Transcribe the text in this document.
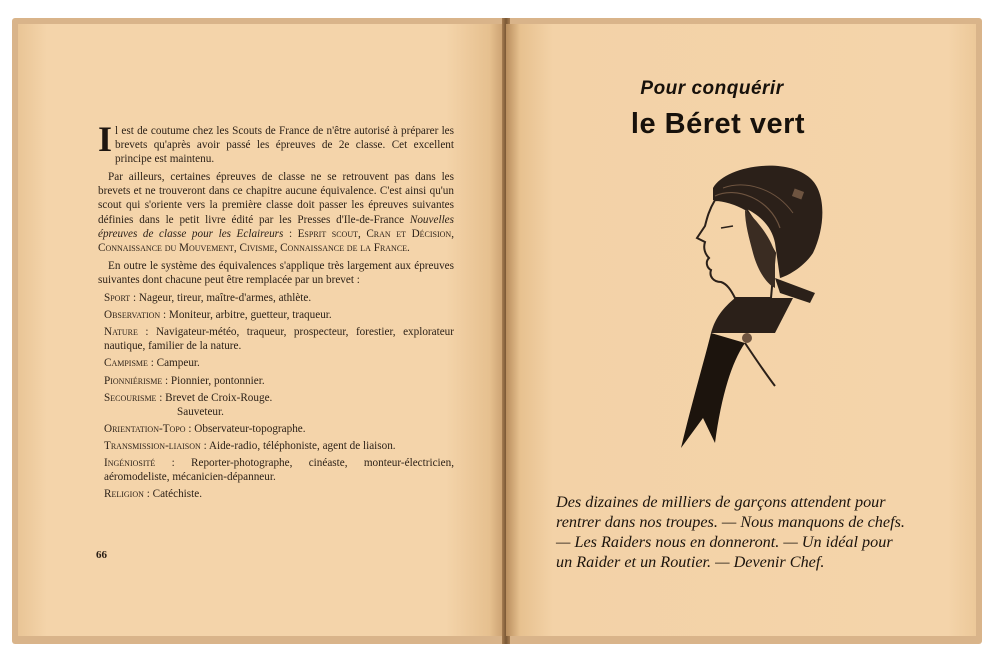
Il est de coutume chez les Scouts de France de n'être autorisé à préparer les brevets qu'après avoir passé les épreuves de 2e classe. Cet excellent principe est maintenu.

Par ailleurs, certaines épreuves de classe ne se retrouvent pas dans les brevets et ne trouveront dans ce chapitre aucune équivalence. C'est ainsi qu'un scout qui s'oriente vers la première classe doit passer les épreuves suivantes définies dans le petit livre édité par les Presses d'Ile-de-France Nouvelles épreuves de classe pour les Eclaireurs : Esprit scout, Cran et Décision, Connaissance du Mouvement, Civisme, Connaissance de la France.

En outre le système des équivalences s'applique très largement aux épreuves suivantes dont chacune peut être remplacée par un brevet :

Sport : Nageur, tireur, maître-d'armes, athlète.
Observation : Moniteur, arbitre, guetteur, traqueur.
Nature : Navigateur-météo, traqueur, prospecteur, forestier, explorateur nautique, familier de la nature.
Campisme : Campeur.
Pionniérisme : Pionnier, pontonnier.
Secourisme : Brevet de Croix-Rouge.
Sauveteur.
Orientation-Topo : Observateur-topographe.
Transmission-liaison : Aide-radio, téléphoniste, agent de liaison.
Ingéniosité : Reporter-photographe, cinéaste, monteur-électricien, aéromodeliste, mécanicien-dépanneur.
Religion : Catéchiste.
66
Pour conquérir
le Béret vert
Des dizaines de milliers de garçons attendent pour
rentrer dans nos troupes. — Nous manquons de chefs.
— Les Raiders nous en donneront. — Un idéal pour
un Raider et un Routier. — Devenir Chef.
